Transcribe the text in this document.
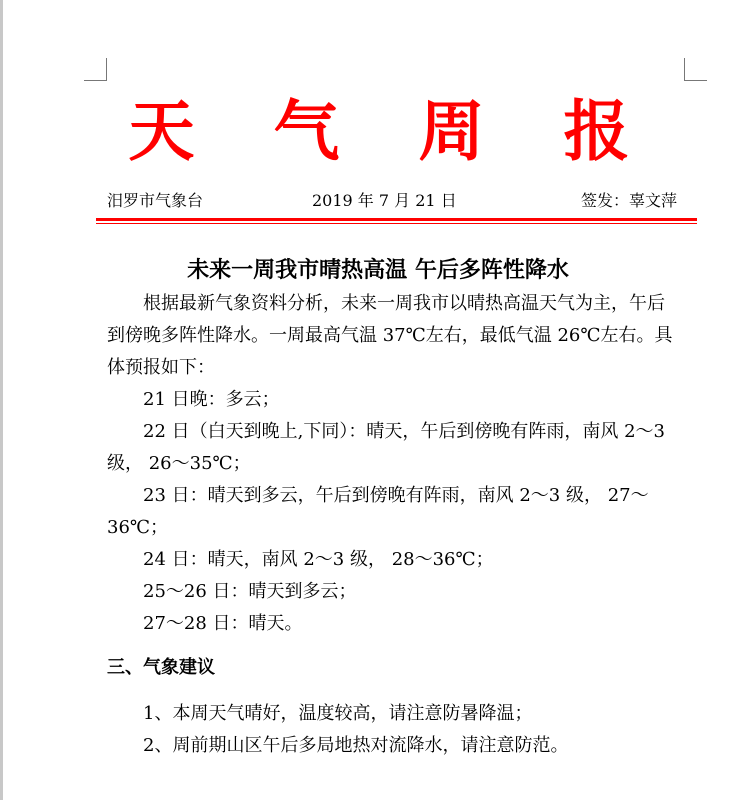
天 气 周 报
汨罗市气象台	2019 年 7 月 21 日	签发：辜文萍
未来一周我市晴热高温 午后多阵性降水

根据最新气象资料分析，未来一周我市以晴热高温天气为主，午后到傍晚多阵性降水。一周最高气温 37℃左右，最低气温 26℃左右。具体预报如下：

21 日晚：多云；

22 日（白天到晚上,下同）：晴天，午后到傍晚有阵雨，南风 2～3 级， 26～35℃；

23 日：晴天到多云，午后到傍晚有阵雨，南风 2～3 级， 27～36℃；

24 日：晴天，南风 2～3 级， 28～36℃；

25～26 日：晴天到多云；

27～28 日：晴天。

三、气象建议

1、本周天气晴好，温度较高，请注意防暑降温；

2、周前期山区午后多局地热对流降水，请注意防范。
